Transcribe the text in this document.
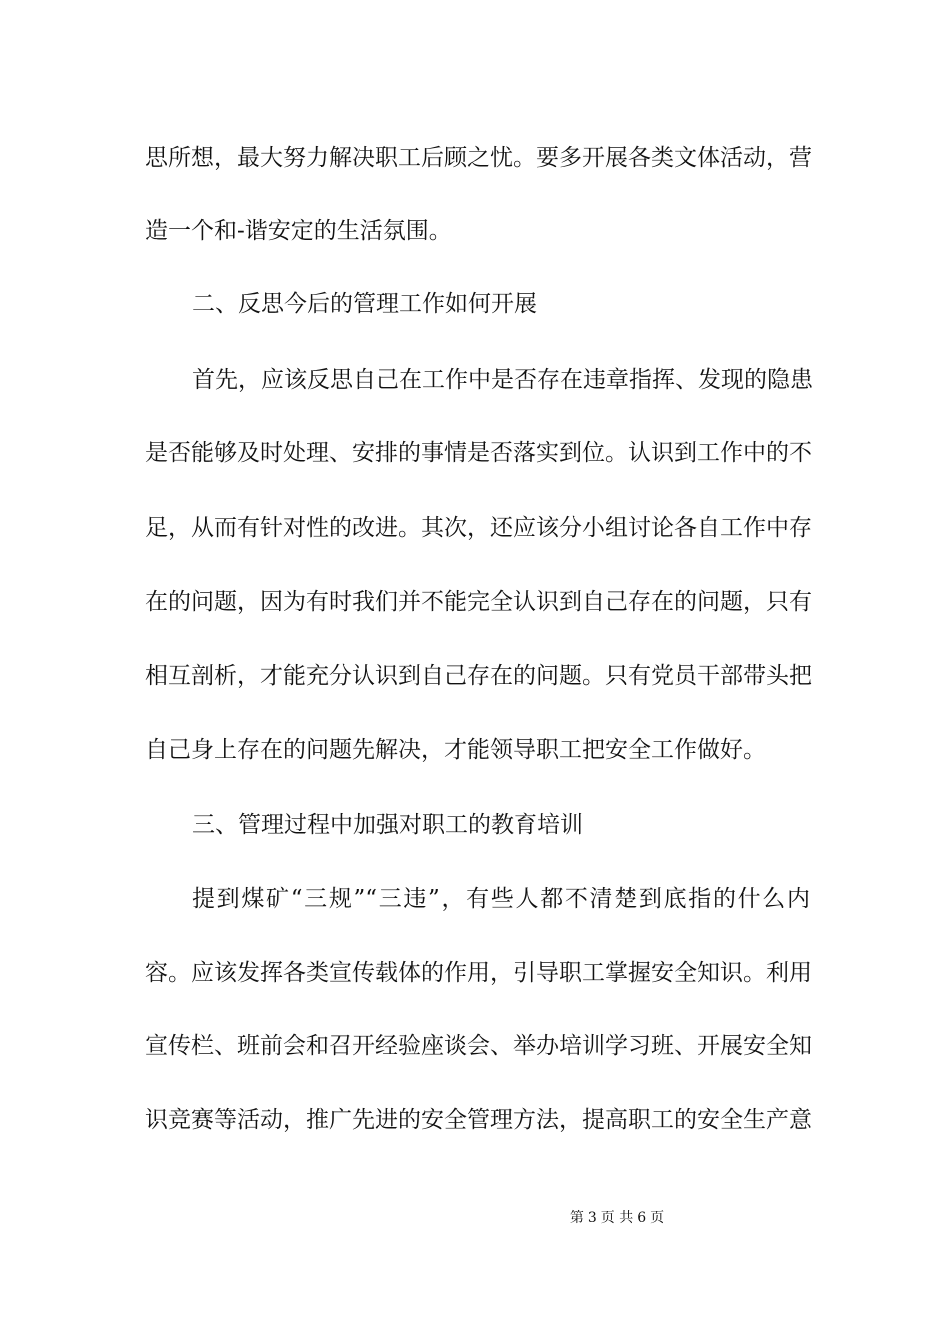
思所想，最大努力解决职工后顾之忧。要多开展各类文体活动，营
造一个和-谐安定的生活氛围。
二、反思今后的管理工作如何开展
首先，应该反思自己在工作中是否存在违章指挥、发现的隐患
是否能够及时处理、安排的事情是否落实到位。认识到工作中的不
足，从而有针对性的改进。其次，还应该分小组讨论各自工作中存
在的问题，因为有时我们并不能完全认识到自己存在的问题，只有
相互剖析，才能充分认识到自己存在的问题。只有党员干部带头把
自己身上存在的问题先解决，才能领导职工把安全工作做好。
三、管理过程中加强对职工的教育培训
提到煤矿“三规”“三违”，有些人都不清楚到底指的什么内
容。应该发挥各类宣传载体的作用，引导职工掌握安全知识。利用
宣传栏、班前会和召开经验座谈会、举办培训学习班、开展安全知
识竞赛等活动，推广先进的安全管理方法，提高职工的安全生产意
第 3 页 共 6 页
